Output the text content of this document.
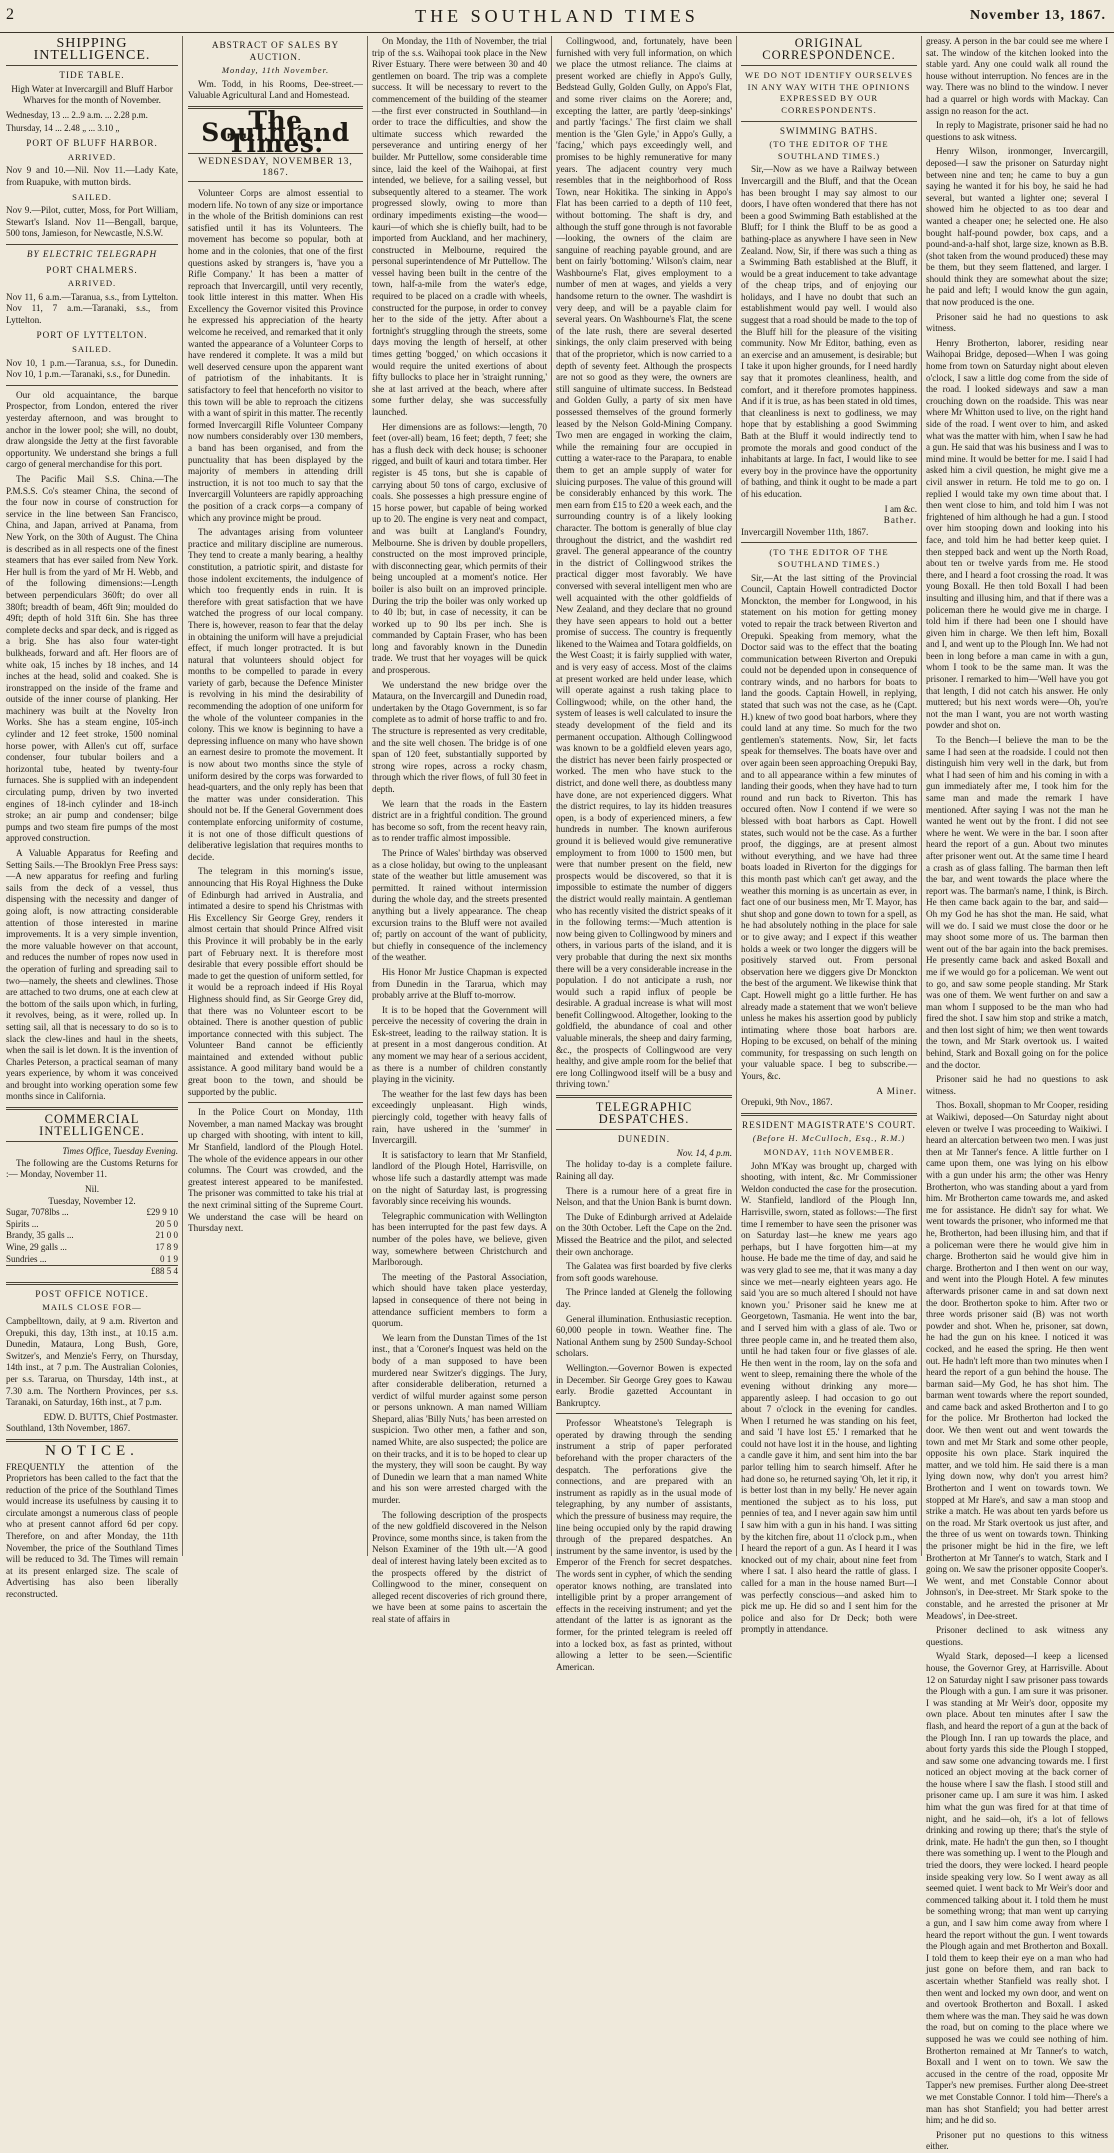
2	THE SOUTHLAND TIMES	November 13, 1867.
SHIPPING INTELLIGENCE.
TIDE TABLE.

High Water at Invercargill and Bluff Harbor Wharves for the month of November.

Wednesday, 13 ... 2..9 a.m. ... 2.28 p.m.
Thursday, 14 ... 2.48 „ ... 3.10 „
PORT OF BLUFF HARBOR.
ARRIVED.

Nov 9 and 10.—Nil. Nov 11.—Lady Kate, from Ruapuke, with mutton birds.

SAILED.

Nov 9.—Pilot, cutter, Moss, for Port William, Stewart's Island. Nov 11—Bengall, barque, 500 tons, Jamieson, for Newcastle, N.S.W.

BY ELECTRIC TELEGRAPH
PORT CHALMERS.
ARRIVED.

Nov 11, 6 a.m.—Taranua, s.s., from Lyttelton. Nov 11, 7 a.m.—Taranaki, s.s., from Lyttelton.

PORT OF LYTTELTON.
SAILED.

Nov 10, 1 p.m.—Taranua, s.s., for Dunedin. Nov 10, 1 p.m.—Taranaki, s.s., for Dunedin.

Our old acquaintance, the barque Prospector, from London, entered the river yesterday afternoon, and was brought to anchor in the lower pool; she will, no doubt, draw alongside the Jetty at the first favorable opportunity. We understand she brings a full cargo of general merchandise for this port.

The Pacific Mail S.S. China.—The P.M.S.S. Co's steamer China, the second of the four now in course of construction for service in the line between San Francisco, China, and Japan, arrived at Panama, from New York, on the 30th of August. The China is described as in all respects one of the finest steamers that has ever sailed from New York. Her hull is from the yard of Mr H. Webb, and of the following dimensions:—Length between perpendiculars 360ft; do over all 380ft; breadth of beam, 46ft 9in; moulded do 49ft; depth of hold 31ft 6in. She has three complete decks and spar deck, and is rigged as a brig. She has also four water-tight bulkheads, forward and aft. Her floors are of white oak, 15 inches by 18 inches, and 14 inches at the head, solid and coaked. She is ironstrapped on the inside of the frame and outside of the inner course of planking. Her machinery was built at the Novelty Iron Works. She has a steam engine, 105-inch cylinder and 12 feet stroke, 1500 nominal horse power, with Allen's cut off, surface condenser, four tubular boilers and a horizontal tube, heated by twenty-four furnaces. She is supplied with an independent circulating pump, driven by two inverted engines of 18-inch cylinder and 18-inch stroke; an air pump and condenser; bilge pumps and two steam fire pumps of the most approved construction.

A Valuable Apparatus for Reefing and Setting Sails.—The Brooklyn Free Press says:—A new apparatus for reefing and furling sails from the deck of a vessel, thus dispensing with the necessity and danger of going aloft, is now attracting considerable attention of those interested in marine improvements. It is a very simple invention, the more valuable however on that account, and reduces the number of ropes now used in the operation of furling and spreading sail to two—namely, the sheets and clewlines. Those are attached to two drums, one at each clew at the bottom of the sails upon which, in furling, it revolves, being, as it were, rolled up. In setting sail, all that is necessary to do so is to slack the clew-lines and haul in the sheets, when the sail is let down. It is the invention of Charles Peterson, a practical seaman of many years experience, by whom it was conceived and brought into working operation some few months since in California.

COMMERCIAL INTELLIGENCE.
Times Office, Tuesday Evening.

The following are the Customs Returns for :— Monday, November 11.

Nil.
Tuesday, November 12.
Sugar, 7078lbs ...	£29 9 10
Spirits ...	20 5 0
Brandy, 35 galls ...	21 0 0
Wine, 29 galls ...	17 8 9
Sundries ...	0 1 9
	£88 5 4
POST OFFICE NOTICE.
MAILS CLOSE FOR—

Campbelltown, daily, at 9 a.m. Riverton and Orepuki, this day, 13th inst., at 10.15 a.m. Dunedin, Mataura, Long Bush, Gore, Switzer's, and Menzie's Ferry, on Thursday, 14th inst., at 7 p.m. The Australian Colonies, per s.s. Tararua, on Thursday, 14th inst., at 7.30 a.m. The Northern Provinces, per s.s. Taranaki, on Saturday, 16th inst., at 7 p.m.

EDW. D. BUTTS, Chief Postmaster.
Southland, 13th November, 1867.
NOTICE.

FREQUENTLY the attention of the Proprietors has been called to the fact that the reduction of the price of the Southland Times would increase its usefulness by causing it to circulate amongst a numerous class of people who at present cannot afford 6d per copy. Therefore, on and after Monday, the 11th November, the price of the Southland Times will be reduced to 3d. The Times will remain at its present enlarged size. The scale of Advertising has also been liberally reconstructed.

ABSTRACT OF SALES BY AUCTION.
Monday, 11th November.

Wm. Todd, in his Rooms, Dee-street.—Valuable Agricultural Land and Homestead.

The Southland Times.
WEDNESDAY, NOVEMBER 13, 1867.

Volunteer Corps are almost essential to modern life. No town of any size or importance in the whole of the British dominions can rest satisfied until it has its Volunteers. The movement has become so popular, both at home and in the colonies, that one of the first questions asked by strangers is, 'have you a Rifle Company.' It has been a matter of reproach that Invercargill, until very recently, took little interest in this matter. When His Excellency the Governor visited this Province he expressed his appreciation of the hearty welcome he received, and remarked that it only wanted the appearance of a Volunteer Corps to have rendered it complete. It was a mild but well deserved censure upon the apparent want of patriotism of the inhabitants. It is satisfactory to feel that henceforth no visitor to this town will be able to reproach the citizens with a want of spirit in this matter. The recently formed Invercargill Rifle Volunteer Company now numbers considerably over 130 members, a band has been organised, and from the punctuality that has been displayed by the majority of members in attending drill instruction, it is not too much to say that the Invercargill Volunteers are rapidly approaching the position of a crack corps—a company of which any province might be proud.

The advantages arising from volunteer practice and military discipline are numerous. They tend to create a manly bearing, a healthy constitution, a patriotic spirit, and distaste for those indolent excitements, the indulgence of which too frequently ends in ruin. It is therefore with great satisfaction that we have watched the progress of our local company. There is, however, reason to fear that the delay in obtaining the uniform will have a prejudicial effect, if much longer protracted. It is but natural that volunteers should object for months to be compelled to parade in every variety of garb, because the Defence Minister is revolving in his mind the desirability of recommending the adoption of one uniform for the whole of the volunteer companies in the colony. This we know is beginning to have a depressing influence on many who have shown an earnest desire to promote the movement. It is now about two months since the style of uniform desired by the corps was forwarded to head-quarters, and the only reply has been that the matter was under consideration. This should not be. If the General Government does contemplate enforcing uniformity of costume, it is not one of those difficult questions of deliberative legislation that requires months to decide.

The telegram in this morning's issue, announcing that His Royal Highness the Duke of Edinburgh had arrived in Australia, and intimated a desire to spend his Christmas with His Excellency Sir George Grey, renders it almost certain that should Prince Alfred visit this Province it will probably be in the early part of February next. It is therefore most desirable that every possible effort should be made to get the question of uniform settled, for it would be a reproach indeed if His Royal Highness should find, as Sir George Grey did, that there was no Volunteer escort to be obtained. There is another question of public importance connected with this subject. The Volunteer Band cannot be efficiently maintained and extended without public assistance. A good military band would be a great boon to the town, and should be supported by the public.

In the Police Court on Monday, 11th November, a man named Mackay was brought up charged with shooting, with intent to kill, Mr Stanfield, landlord of the Plough Hotel. The whole of the evidence appears in our other columns. The Court was crowded, and the greatest interest appeared to be manifested. The prisoner was committed to take his trial at the next criminal sitting of the Supreme Court. We understand the case will be heard on Thursday next.

On Monday, the 11th of November, the trial trip of the s.s. Waihopai took place in the New River Estuary. There were between 30 and 40 gentlemen on board. The trip was a complete success. It will be necessary to revert to the commencement of the building of the steamer—the first ever constructed in Southland—in order to trace the difficulties, and show the ultimate success which rewarded the perseverance and untiring energy of her builder. Mr Puttellow, some considerable time since, laid the keel of the Waihopai, at first intended, we believe, for a sailing vessel, but subsequently altered to a steamer. The work progressed slowly, owing to more than ordinary impediments existing—the wood—kauri—of which she is chiefly built, had to be imported from Auckland, and her machinery, constructed in Melbourne, required the personal superintendence of Mr Puttellow. The vessel having been built in the centre of the town, half-a-mile from the water's edge, required to be placed on a cradle with wheels, constructed for the purpose, in order to convey her to the side of the jetty. After about a fortnight's struggling through the streets, some days moving the length of herself, at other times getting 'bogged,' on which occasions it would require the united exertions of about fifty bullocks to place her in 'straight running,' she at last arrived at the beach, where after some further delay, she was successfully launched.

Her dimensions are as follows:—length, 70 feet (over-all) beam, 16 feet; depth, 7 feet; she has a flush deck with deck house; is schooner rigged, and built of kauri and totara timber. Her register is 45 tons, but she is capable of carrying about 50 tons of cargo, exclusive of coals. She possesses a high pressure engine of 15 horse power, but capable of being worked up to 20. The engine is very neat and compact, and was built at Langland's Foundry, Melbourne. She is driven by double propellers, constructed on the most improved principle, with disconnecting gear, which permits of their being uncoupled at a moment's notice. Her boiler is also built on an improved principle. During the trip the boiler was only worked up to 40 lb; but, in case of necessity, it can be worked up to 90 lbs per inch. She is commanded by Captain Fraser, who has been long and favorably known in the Dunedin trade. We trust that her voyages will be quick and prosperous.

We understand the new bridge over the Mataura, on the Invercargill and Dunedin road, undertaken by the Otago Government, is so far complete as to admit of horse traffic to and fro. The structure is represented as very creditable, and the site well chosen. The bridge is of one span of 120 feet, substantially supported by strong wire ropes, across a rocky chasm, through which the river flows, of full 30 feet in depth.

We learn that the roads in the Eastern district are in a frightful condition. The ground has become so soft, from the recent heavy rain, as to render traffic almost impossible.

The Prince of Wales' birthday was observed as a close holiday, but owing to the unpleasant state of the weather but little amusement was permitted. It rained without intermission during the whole day, and the streets presented anything but a lively appearance. The cheap excursion trains to the Bluff were not availed of; partly on account of the want of publicity, but chiefly in consequence of the inclemency of the weather.

His Honor Mr Justice Chapman is expected from Dunedin in the Tararua, which may probably arrive at the Bluff to-morrow.

It is to be hoped that the Government will perceive the necessity of covering the drain in Esk-street, leading to the railway station. It is at present in a most dangerous condition. At any moment we may hear of a serious accident, as there is a number of children constantly playing in the vicinity.

The weather for the last few days has been exceedingly unpleasant. High winds, piercingly cold, together with heavy falls of rain, have ushered in the 'summer' in Invercargill.

It is satisfactory to learn that Mr Stanfield, landlord of the Plough Hotel, Harrisville, on whose life such a dastardly attempt was made on the night of Saturday last, is progressing favorably since receiving his wounds.

Telegraphic communication with Wellington has been interrupted for the past few days. A number of the poles have, we believe, given way, somewhere between Christchurch and Marlborough.

The meeting of the Pastoral Association, which should have taken place yesterday, lapsed in consequence of there not being in attendance sufficient members to form a quorum.

We learn from the Dunstan Times of the 1st inst., that a 'Coroner's Inquest was held on the body of a man supposed to have been murdered near Switzer's diggings. The Jury, after considerable deliberation, returned a verdict of wilful murder against some person or persons unknown. A man named William Shepard, alias 'Billy Nuts,' has been arrested on suspicion. Two other men, a father and son, named White, are also suspected; the police are on their tracks, and it is to be hoped to clear up the mystery, they will soon be caught. By way of Dunedin we learn that a man named White and his son were arrested charged with the murder.

The following description of the prospects of the new goldfield discovered in the Nelson Province, some months since, is taken from the Nelson Examiner of the 19th ult.—'A good deal of interest having lately been excited as to the prospects offered by the district of Collingwood to the miner, consequent on alleged recent discoveries of rich ground there, we have been at some pains to ascertain the real state of affairs in

Collingwood, and, fortunately, have been furnished with very full information, on which we place the utmost reliance. The claims at present worked are chiefly in Appo's Gully, Bedstead Gully, Golden Gully, on Appo's Flat, and some river claims on the Aorere; and, excepting the latter, are partly 'deep-sinkings' and partly 'facings.' The first claim we shall mention is the 'Glen Gyle,' in Appo's Gully, a 'facing,' which pays exceedingly well, and promises to be highly remunerative for many years. The adjacent country very much resembles that in the neighborhood of Ross Town, near Hokitika. The sinking in Appo's Flat has been carried to a depth of 110 feet, without bottoming. The shaft is dry, and although the stuff gone through is not favorable—looking, the owners of the claim are sanguine of reaching payable ground, and are bent on fairly 'bottoming.' Wilson's claim, near Washbourne's Flat, gives employment to a number of men at wages, and yields a very handsome return to the owner. The washdirt is very deep, and will be a payable claim for several years. On Washbourne's Flat, the scene of the late rush, there are several deserted sinkings, the only claim preserved with being that of the proprietor, which is now carried to a depth of seventy feet. Although the prospects are not so good as they were, the owners are still sanguine of ultimate success. In Bedstead and Golden Gully, a party of six men have possessed themselves of the ground formerly leased by the Nelson Gold-Mining Company. Two men are engaged in working the claim, while the remaining four are occupied in cutting a water-race to the Parapara, to enable them to get an ample supply of water for sluicing purposes. The value of this ground will be considerably enhanced by this work. The men earn from £15 to £20 a week each, and the surrounding country is of a likely looking character. The bottom is generally of blue clay throughout the district, and the washdirt red gravel. The general appearance of the country in the district of Collingwood strikes the practical digger most favorably. We have conversed with several intelligent men who are well acquainted with the other goldfields of New Zealand, and they declare that no ground they have seen appears to hold out a better promise of success. The country is frequently likened to the Waimea and Totara goldfields, on the West Coast; it is fairly supplied with water, and is very easy of access. Most of the claims at present worked are held under lease, which will operate against a rush taking place to Collingwood; while, on the other hand, the system of leases is well calculated to insure the steady development of the field and its permanent occupation. Although Collingwood was known to be a goldfield eleven years ago, the district has never been fairly prospected or worked. The men who have stuck to the district, and done well there, as doubtless many have done, are not experienced diggers. What the district requires, to lay its hidden treasures open, is a body of experienced miners, a few hundreds in number. The known auriferous ground it is believed would give remunerative employment to from 1000 to 1500 men, but were that number present on the field, new prospects would be discovered, so that it is impossible to estimate the number of diggers the district would really maintain. A gentleman who has recently visited the district speaks of it in the following terms:—'Much attention is now being given to Collingwood by miners and others, in various parts of the island, and it is very probable that during the next six months there will be a very considerable increase in the population. I do not anticipate a rush, nor would such a rapid influx of people be desirable. A gradual increase is what will most benefit Collingwood. Altogether, looking to the goldfield, the abundance of coal and other valuable minerals, the sheep and dairy farming, &c., the prospects of Collingwood are very healthy, and give ample room for the belief that ere long Collingwood itself will be a busy and thriving town.'

TELEGRAPHIC DESPATCHES.
DUNEDIN.
Nov. 14, 4 p.m.

The holiday to-day is a complete failure. Raining all day.

There is a rumour here of a great fire in Nelson, and that the Union Bank is burnt down.

The Duke of Edinburgh arrived at Adelaide on the 30th October. Left the Cape on the 2nd. Missed the Beatrice and the pilot, and selected their own anchorage.

The Galatea was first boarded by five clerks from soft goods warehouse.

The Prince landed at Glenelg the following day.

General illumination. Enthusiastic reception. 60,000 people in town. Weather fine. The National Anthem sung by 2500 Sunday-School scholars.

Wellington.—Governor Bowen is expected in December. Sir George Grey goes to Kawau early. Brodie gazetted Accountant in Bankruptcy.

Professor Wheatstone's Telegraph is operated by drawing through the sending instrument a strip of paper perforated beforehand with the proper characters of the despatch. The perforations give the connections, and are prepared with an instrument as rapidly as in the usual mode of telegraphing, by any number of assistants, which the pressure of business may require, the line being occupied only by the rapid drawing through of the prepared despatches. An instrument by the same inventor, is used by the Emperor of the French for secret despatches. The words sent in cypher, of which the sending operator knows nothing, are translated into intelligible print by a proper arrangement of effects in the receiving instrument; and yet the attendant of the latter is as ignorant as the former, for the printed telegram is reeled off into a locked box, as fast as printed, without allowing a letter to be seen.—Scientific American.

ORIGINAL CORRESPONDENCE.
WE DO NOT IDENTIFY OURSELVES IN ANY WAY WITH THE OPINIONS EXPRESSED BY OUR CORRESPONDENTS.
SWIMMING BATHS.
(TO THE EDITOR OF THE SOUTHLAND TIMES.)

Sir,—Now as we have a Railway between Invercargill and the Bluff, and that the Ocean has been brought I may say almost to our doors, I have often wondered that there has not been a good Swimming Bath established at the Bluff; for I think the Bluff to be as good a bathing-place as anywhere I have seen in New Zealand. Now, Sir, if there was such a thing as a Swimming Bath established at the Bluff, it would be a great inducement to take advantage of the cheap trips, and of enjoying our holidays, and I have no doubt that such an establishment would pay well. I would also suggest that a road should be made to the top of the Bluff hill for the pleasure of the visiting community. Now Mr Editor, bathing, even as an exercise and an amusement, is desirable; but I take it upon higher grounds, for I need hardly say that it promotes cleanliness, health, and comfort, and it therefore promotes happiness. And if it is true, as has been stated in old times, that cleanliness is next to godliness, we may hope that by establishing a good Swimming Bath at the Bluff it would indirectly tend to promote the morals and good conduct of the inhabitants at large. In fact, I would like to see every boy in the province have the opportunity of bathing, and think it ought to be made a part of his education.

I am &c.
Bather.
Invercargill November 11th, 1867.
(TO THE EDITOR OF THE SOUTHLAND TIMES.)

Sir,—At the last sitting of the Provincial Council, Captain Howell contradicted Doctor Monckton, the member for Longwood, in his statement on his motion for getting money voted to repair the track between Riverton and Orepuki. Speaking from memory, what the Doctor said was to the effect that the boating communication between Riverton and Orepuki could not be depended upon in consequence of contrary winds, and no harbors for boats to land the goods. Captain Howell, in replying, stated that such was not the case, as he (Capt. H.) knew of two good boat harbors, where they could land at any time. So much for the two gentlemen's statements. Now, Sir, let facts speak for themselves. The boats have over and over again been seen approaching Orepuki Bay, and to all appearance within a few minutes of landing their goods, when they have had to turn round and run back to Riverton. This has occured often. Now I contend if we were so blessed with boat harbors as Capt. Howell states, such would not be the case. As a further proof, the diggings, are at present almost without everything, and we have had three boats loaded in Riverton for the diggings for this month past which can't get away, and the weather this morning is as uncertain as ever, in fact one of our business men, Mr T. Mayor, has shut shop and gone down to town for a spell, as he had absolutely nothing in the place for sale or to give away; and I expect if this weather holds a week or two longer the diggers will be positively starved out. From personal observation here we diggers give Dr Monckton the best of the argument. We likewise think that Capt. Howell might go a little further. He has already made a statement that we won't believe unless he makes his assertion good by publicly intimating where those boat harbors are. Hoping to be excused, on behalf of the mining community, for trespassing on such length on your valuable space. I beg to subscribe.—Yours, &c.

A Miner.
Orepuki, 9th Nov., 1867.
RESIDENT MAGISTRATE'S COURT.
(Before H. McCulloch, Esq., R.M.)
MONDAY, 11th NOVEMBER.

John M'Kay was brought up, charged with shooting, with intent, &c. Mr Commissioner Weldon conducted the case for the prosecution. W. Stanfield, landlord of the Plough Inn, Harrisville, sworn, stated as follows:—The first time I remember to have seen the prisoner was on Saturday last—he knew me years ago perhaps, but I have forgotten him—at my house. He bade me the time of day, and said he was very glad to see me, that it was many a day since we met—nearly eighteen years ago. He said 'you are so much altered I should not have known you.' Prisoner said he knew me at Georgetown, Tasmania. He went into the bar, and I served him with a glass of ale. Two or three people came in, and he treated them also, until he had taken four or five glasses of ale. He then went in the room, lay on the sofa and went to sleep, remaining there the whole of the evening without drinking any more—apparently asleep. I had occasion to go out about 7 o'clock in the evening for candles. When I returned he was standing on his feet, and said 'I have lost £5.' I remarked that he could not have lost it in the house, and lighting a candle gave it him, and sent him into the bar parlor telling him to search himself. After he had done so, he returned saying 'Oh, let it rip, it is better lost than in my belly.' He never again mentioned the subject as to his loss, put pennies of tea, and I never again saw him until I saw him with a gun in his hand. I was sitting by the kitchen fire, about 11 o'clock p.m., when I heard the report of a gun. As I heard it I was knocked out of my chair, about nine feet from where I sat. I also heard the rattle of glass. I called for a man in the house named Burt—I was perfectly conscious—and asked him to pick me up. He did so and I sent him for the police and also for Dr Deck; both were promptly in attendance.

greasy. A person in the bar could see me where I sat. The window of the kitchen looked into the stable yard. Any one could walk all round the house without interruption. No fences are in the way. There was no blind to the window. I never had a quarrel or high words with Mackay. Can assign no reason for the act.

In reply to Magistrate, prisoner said he had no questions to ask witness.

Henry Wilson, ironmonger, Invercargill, deposed—I saw the prisoner on Saturday night between nine and ten; he came to buy a gun saying he wanted it for his boy, he said he had several, but wanted a lighter one; several I showed him he objected to as too dear and wanted a cheaper one; he selected one. He also bought half-pound powder, box caps, and a pound-and-a-half shot, large size, known as B.B. (shot taken from the wound produced) these may be them, but they seem flattened, and larger. I should think they are somewhat about the size; he paid and left; I would know the gun again, that now produced is the one.

Prisoner said he had no questions to ask witness.

Henry Brotherton, laborer, residing near Waihopai Bridge, deposed—When I was going home from town on Saturday night about eleven o'clock, I saw a little dog come from the side of the road. I looked sideways and saw a man crouching down on the roadside. This was near where Mr Whitton used to live, on the right hand side of the road. I went over to him, and asked what was the matter with him, when I saw he had a gun. He said that was his business and I was to mind mine. It would be better for me. I said I had asked him a civil question, he might give me a civil answer in return. He told me to go on. I replied I would take my own time about that. I then went close to him, and told him I was not frightened of him although he had a gun. I stood over him stooping down and looking into his face, and told him he had better keep quiet. I then stepped back and went up the North Road, about ten or twelve yards from me. He stood there, and I heard a foot crossing the road. It was young Boxall. He then told Boxall I had been insulting and illusing him, and that if there was a policeman there he would give me in charge. I told him if there had been one I should have given him in charge. We then left him, Boxall and I, and went up to the Plough Inn. We had not been in long before a man came in with a gun, whom I took to be the same man. It was the prisoner. I remarked to him—'Well have you got that length, I did not catch his answer. He only muttered; but his next words were—Oh, you're not the man I want, you are not worth wasting powder and shot on.

To the Bench—I believe the man to be the same I had seen at the roadside. I could not then distinguish him very well in the dark, but from what I had seen of him and his coming in with a gun immediately after me, I took him for the same man and made the remark I have mentioned. After saying I was not the man he wanted he went out by the front. I did not see where he went. We were in the bar. I soon after heard the report of a gun. About two minutes after prisoner went out. At the same time I heard a crash as of glass falling. The barman then left the bar, and went towards the place where the report was. The barman's name, I think, is Birch. He then came back again to the bar, and said—Oh my God he has shot the man. He said, what will we do. I said we must close the door or he may shoot some more of us. The barman then went out of the bar again into the back premises. He presently came back and asked Boxall and me if we would go for a policeman. We went out to go, and saw some people standing. Mr Stark was one of them. We went further on and saw a man whom I supposed to be the man who had fired the shot. I saw him stop and strike a match, and then lost sight of him; we then went towards the town, and Mr Stark overtook us. I waited behind, Stark and Boxall going on for the police and the doctor.

Prisoner said he had no questions to ask witness.

Thos. Boxall, shopman to Mr Cooper, residing at Waikiwi, deposed—On Saturday night about eleven or twelve I was proceeding to Waikiwi. I heard an altercation between two men. I was just then at Mr Tanner's fence. A little further on I came upon them, one was lying on his elbow with a gun under his arm; the other was Henry Brotherton, who was standing about a yard from him. Mr Brotherton came towards me, and asked me for assistance. He didn't say for what. We went towards the prisoner, who informed me that he, Brotherton, had been illusing him, and that if a policeman were there he would give him in charge. Brotherton said he would give him in charge. Brotherton and I then went on our way, and went into the Plough Hotel. A few minutes afterwards prisoner came in and sat down next the door. Brotherton spoke to him. After two or three words prisoner said (B) was not worth powder and shot. When he, prisoner, sat down, he had the gun on his knee. I noticed it was cocked, and he eased the spring. He then went out. He hadn't left more than two minutes when I heard the report of a gun behind the house. The barman said—My God, he has shot him. The barman went towards where the report sounded, and came back and asked Brotherton and I to go for the police. Mr Brotherton had locked the door. We then went out and went towards the town and met Mr Stark and some other people, opposite his own place. Stark inquired the matter, and we told him. He said there is a man lying down now, why don't you arrest him? Brotherton and I went on towards town. We stopped at Mr Hare's, and saw a man stoop and strike a match. He was about ten yards before us on the road. Mr Stark overtook us just after, and the three of us went on towards town. Thinking the prisoner might be hid in the fire, we left Brotherton at Mr Tanner's to watch, Stark and I going on. We saw the prisoner opposite Cooper's. We went, and met Constable Connor about Johnson's, in Dee-street. Mr Stark spoke to the constable, and he arrested the prisoner at Mr Meadows', in Dee-street.

Prisoner declined to ask witness any questions.

Wyald Stark, deposed—I keep a licensed house, the Governor Grey, at Harrisville. About 12 on Saturday night I saw prisoner pass towards the Plough with a gun. I am sure it was prisoner. I was standing at Mr Weir's door, opposite my own place. About ten minutes after I saw the flash, and heard the report of a gun at the back of the Plough Inn. I ran up towards the place, and about forty yards this side the Plough I stopped, and saw some one advancing towards me. I first noticed an object moving at the back corner of the house where I saw the flash. I stood still and prisoner came up. I am sure it was him. I asked him what the gun was fired for at that time of night, and he said—oh, it's a lot of fellows drinking and rowing up there; that's the style of drink, mate. He hadn't the gun then, so I thought there was something up. I went to the Plough and tried the doors, they were locked. I heard people inside speaking very low. So I went away as all seemed quiet. I went back to Mr Weir's door and commenced talking about it. I told them he must be something wrong; that man went up carrying a gun, and I saw him come away from where I heard the report without the gun. I went towards the Plough again and met Brotherton and Boxall. I told them to keep their eye on a man who had just gone on before them, and ran back to ascertain whether Stanfield was really shot. I then went and locked my own door, and went on and overtook Brotherton and Boxall. I asked them where was the man. They said he was down the road, but on coming to the place where we supposed he was we could see nothing of him. Brotherton remained at Mr Tanner's to watch, Boxall and I went on to town. We saw the accused in the centre of the road, opposite Mr Tapper's new premises. Further along Dee-street we met Constable Connor. I told him—There's a man has shot Stanfield; you had better arrest him; and he did so.

Prisoner put no questions to this witness either.
